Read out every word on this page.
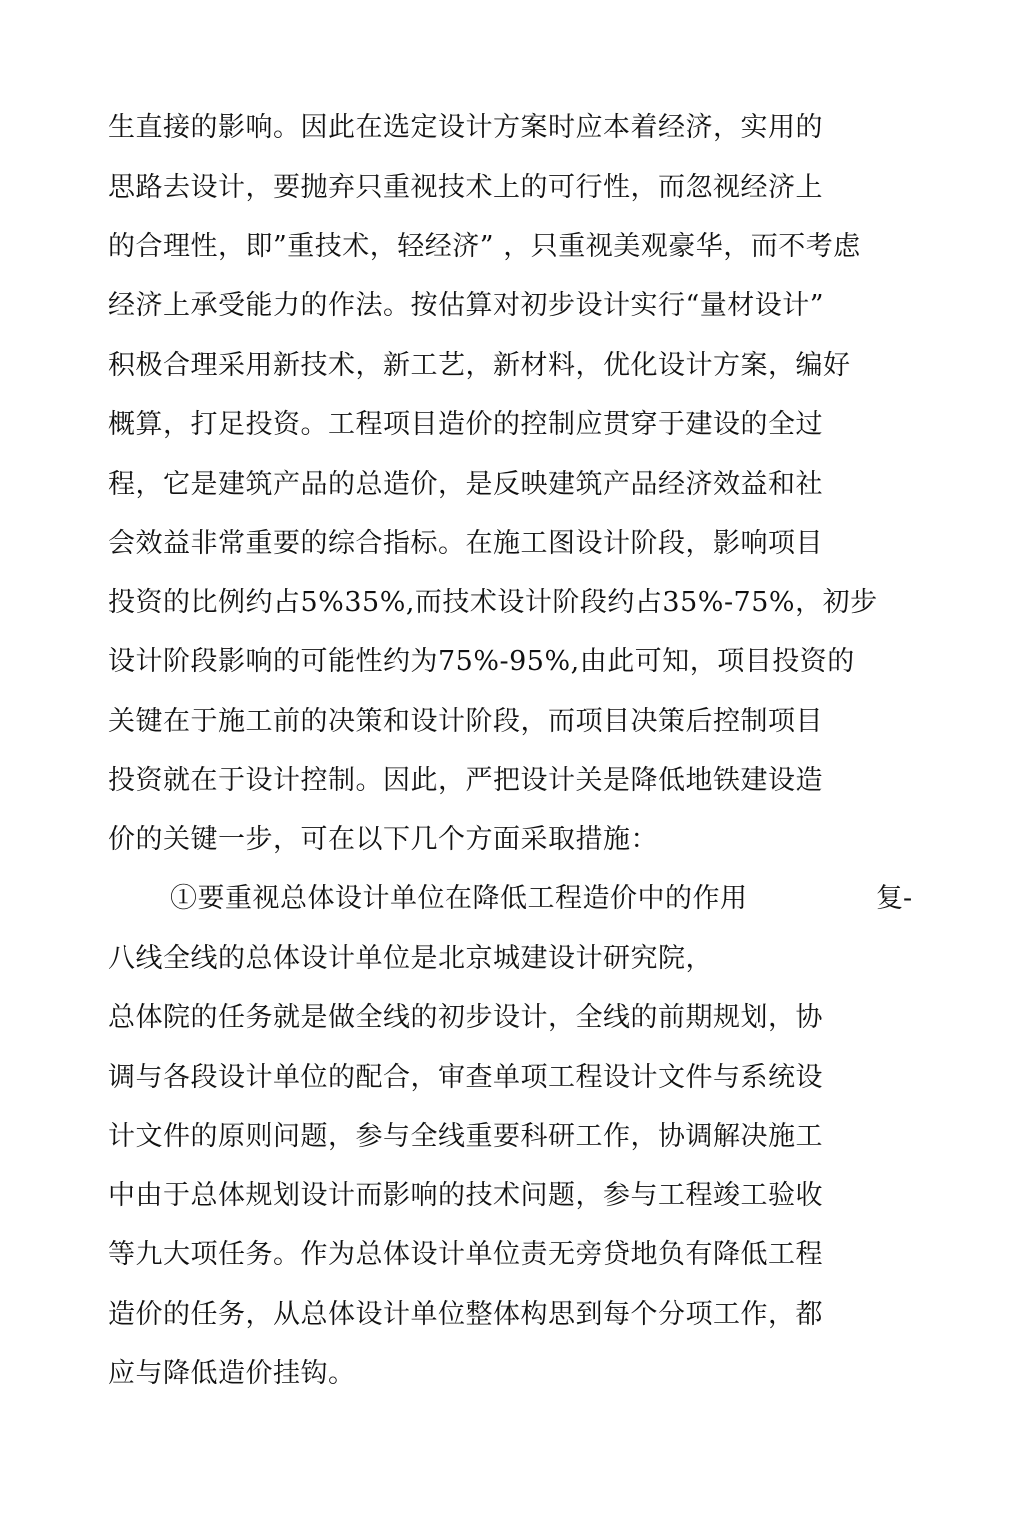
生直接的影响。因此在选定设计方案时应本着经济，实用的
思路去设计，要抛弃只重视技术上的可行性，而忽视经济上
的合理性，即”重技术，轻经济” ，只重视美观豪华，而不考虑
经济上承受能力的作法。按估算对初步设计实行“量材设计”
积极合理采用新技术，新工艺，新材料，优化设计方案，编好
概算，打足投资。工程项目造价的控制应贯穿于建设的全过
程，它是建筑产品的总造价，是反映建筑产品经济效益和社
会效益非常重要的综合指标。在施工图设计阶段，影响项目
投资的比例约占5%35%,而技术设计阶段约占35%-75%，初步
设计阶段影响的可能性约为75%-95%,由此可知，项目投资的
关键在于施工前的决策和设计阶段，而项目决策后控制项目
投资就在于设计控制。因此，严把设计关是降低地铁建设造
价的关键一步，可在以下几个方面采取措施：
①要重视总体设计单位在降低工程造价中的作用	复-
八线全线的总体设计单位是北京城建设计研究院，
总体院的任务就是做全线的初步设计，全线的前期规划，协
调与各段设计单位的配合，审查单项工程设计文件与系统设
计文件的原则问题，参与全线重要科研工作，协调解决施工
中由于总体规划设计而影响的技术问题，参与工程竣工验收
等九大项任务。作为总体设计单位责无旁贷地负有降低工程
造价的任务，从总体设计单位整体构思到每个分项工作，都
应与降低造价挂钩。
